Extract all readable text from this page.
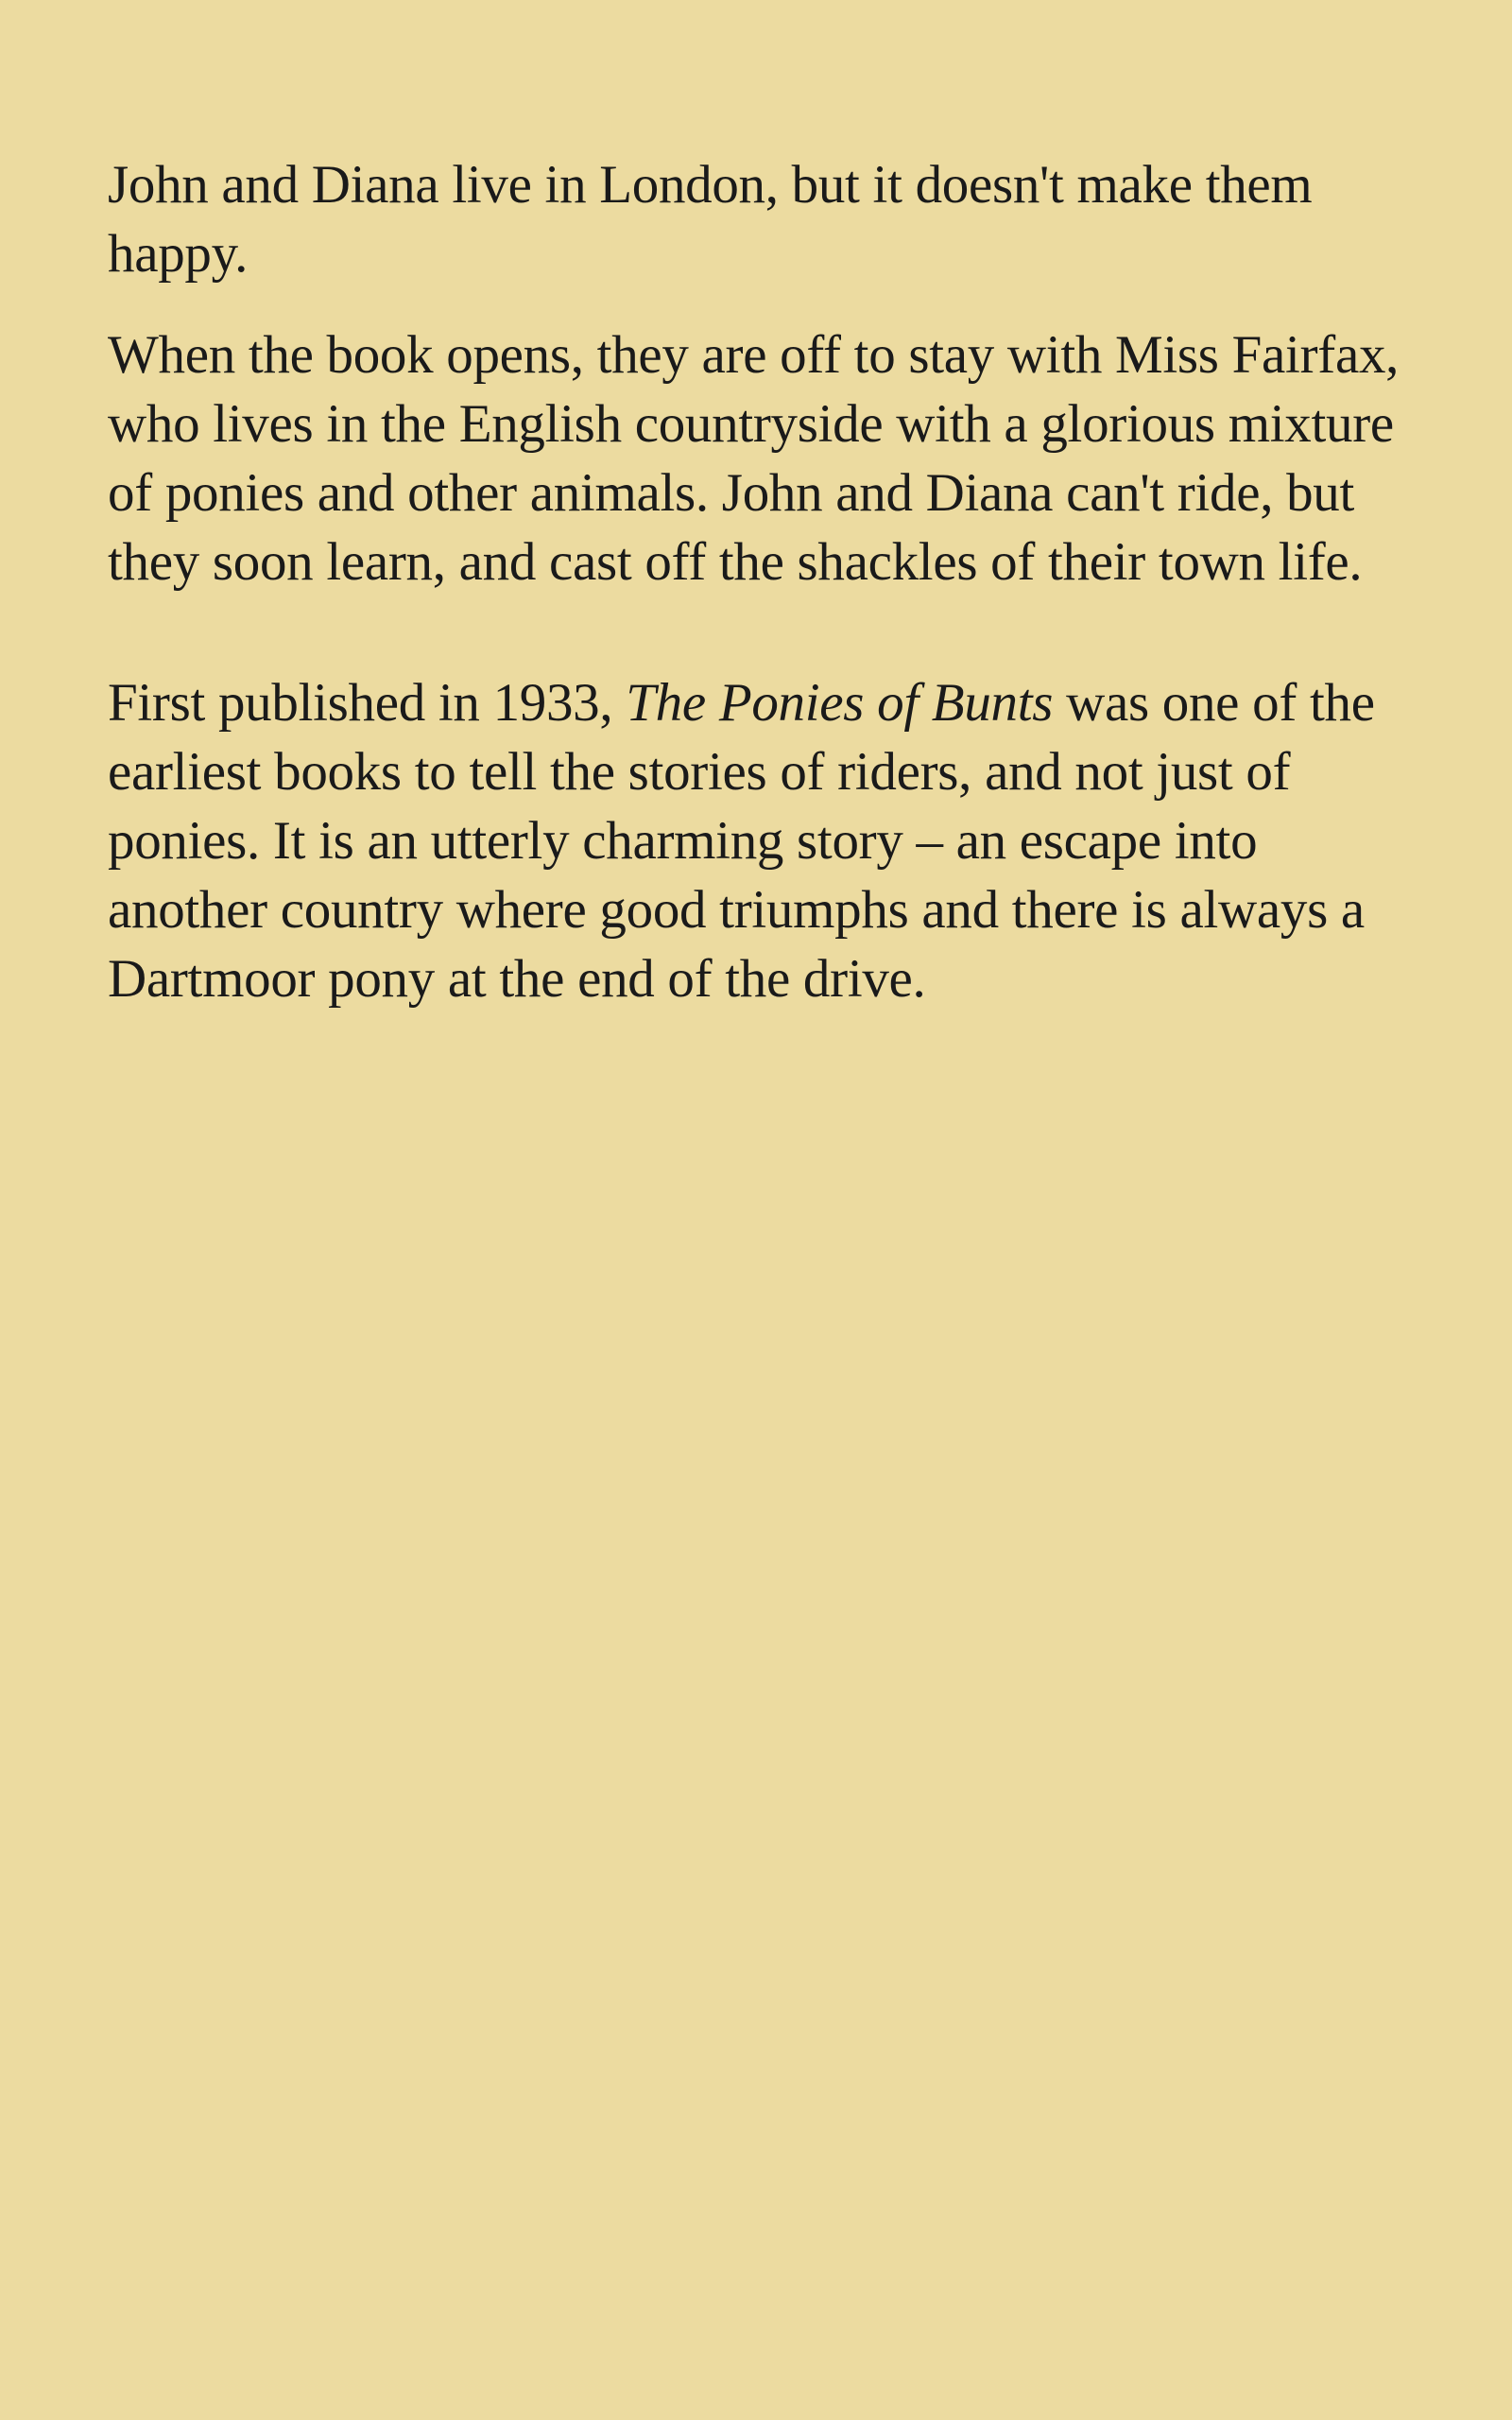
John and Diana live in London, but it doesn't make them happy.

When the book opens, they are off to stay with Miss Fairfax, who lives in the English countryside with a glorious mixture of ponies and other animals. John and Diana can't ride, but they soon learn, and cast off the shackles of their town life.

First published in 1933, The Ponies of Bunts was one of the earliest books to tell the stories of riders, and not just of ponies. It is an utterly charming story – an escape into another country where good triumphs and there is always a Dartmoor pony at the end of the drive.
